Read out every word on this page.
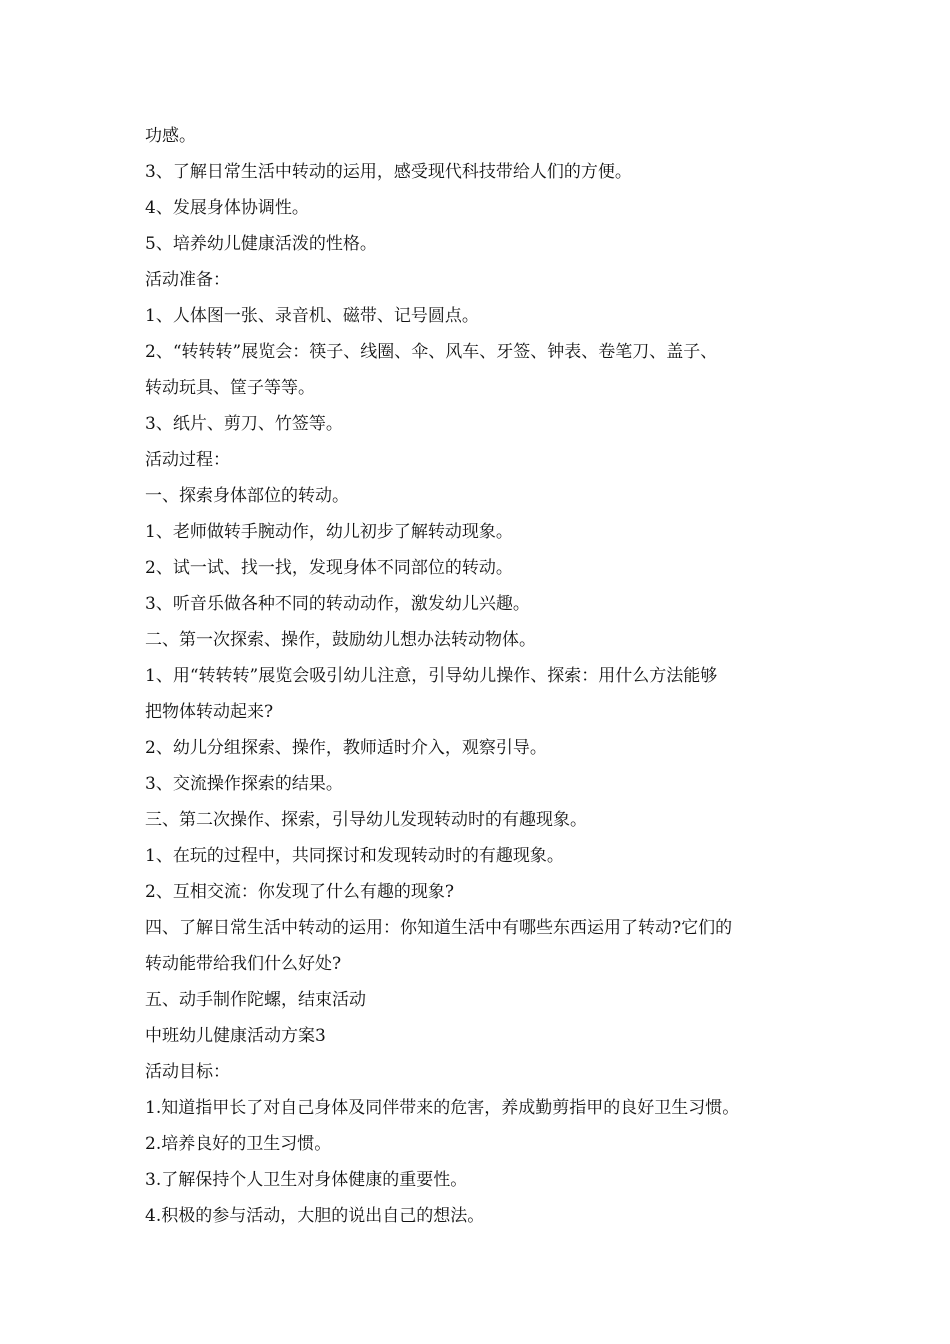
功感。
3、了解日常生活中转动的运用，感受现代科技带给人们的方便。
4、发展身体协调性。
5、培养幼儿健康活泼的性格。
活动准备：
1、人体图一张、录音机、磁带、记号圆点。
2、“转转转”展览会：筷子、线圈、伞、风车、牙签、钟表、卷笔刀、盖子、
转动玩具、筐子等等。
3、纸片、剪刀、竹签等。
活动过程：
一、探索身体部位的转动。
1、老师做转手腕动作，幼儿初步了解转动现象。
2、试一试、找一找，发现身体不同部位的转动。
3、听音乐做各种不同的转动动作，激发幼儿兴趣。
二、第一次探索、操作，鼓励幼儿想办法转动物体。
1、用“转转转”展览会吸引幼儿注意，引导幼儿操作、探索：用什么方法能够
把物体转动起来?
2、幼儿分组探索、操作，教师适时介入，观察引导。
3、交流操作探索的结果。
三、第二次操作、探索，引导幼儿发现转动时的有趣现象。
1、在玩的过程中，共同探讨和发现转动时的有趣现象。
2、互相交流：你发现了什么有趣的现象?
四、了解日常生活中转动的运用：你知道生活中有哪些东西运用了转动?它们的
转动能带给我们什么好处?
五、动手制作陀螺，结束活动
中班幼儿健康活动方案3
活动目标：
1.知道指甲长了对自己身体及同伴带来的危害，养成勤剪指甲的良好卫生习惯。
2.培养良好的卫生习惯。
3.了解保持个人卫生对身体健康的重要性。
4.积极的参与活动，大胆的说出自己的想法。
